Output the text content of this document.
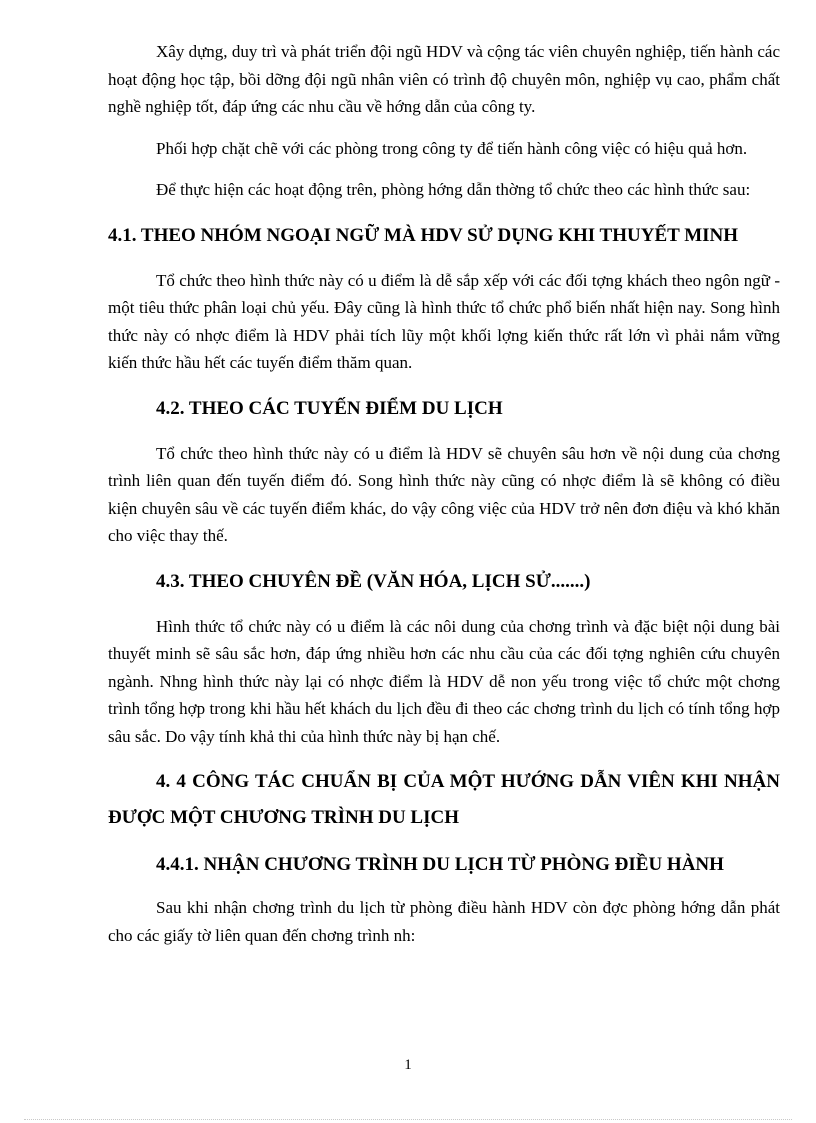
Xây dựng, duy trì và phát triển đội ngũ HDV và cộng tác viên chuyên nghiệp, tiến hành các hoạt động học tập, bồi dỡng đội ngũ nhân viên có trình độ chuyên môn, nghiệp vụ cao, phẩm chất nghề nghiệp tốt, đáp ứng các nhu cầu về hớng dẫn của công ty.

Phối hợp chặt chẽ với các phòng trong công ty để tiến hành công việc có hiệu quả hơn.

Để thực hiện các hoạt động trên, phòng hớng dẫn thờng tổ chức theo các hình thức sau:

4.1. THEO NHÓM NGOẠI NGỮ MÀ HDV SỬ DỤNG KHI THUYẾT MINH

Tổ chức theo hình thức này có u điểm là dễ sắp xếp với các đối tợng khách theo ngôn ngữ - một tiêu thức phân loại chủ yếu. Đây cũng là hình thức tổ chức phổ biến nhất hiện nay. Song hình thức này có nhợc điểm là HDV phải tích lũy một khối lợng kiến thức rất lớn vì phải nắm vững kiến thức hầu hết các tuyến điểm thăm quan.

4.2. THEO CÁC TUYẾN ĐIỂM DU LỊCH

Tổ chức theo hình thức này có u điểm là HDV sẽ chuyên sâu hơn về nội dung của chơng trình liên quan đến tuyến điểm đó. Song hình thức này cũng có nhợc điểm là sẽ không có điều kiện chuyên sâu về các tuyến điểm khác, do vậy công việc của HDV trở nên đơn điệu và khó khăn cho việc thay thế.

4.3. THEO CHUYÊN ĐỀ (VĂN HÓA, LỊCH SỬ.......)

Hình thức tổ chức này có u điểm là các nôi dung của chơng trình và đặc biệt nội dung bài thuyết minh sẽ sâu sắc hơn, đáp ứng nhiều hơn các nhu cầu của các đối tợng nghiên cứu chuyên ngành. Nhng hình thức này lại có nhợc điểm là HDV dễ non yếu trong việc tổ chức một chơng trình tổng hợp trong khi hầu hết khách du lịch đều đi theo các chơng trình du lịch có tính tổng hợp sâu sắc. Do vậy tính khả thi của hình thức này bị hạn chế.

4. 4 CÔNG TÁC CHUẨN BỊ CỦA MỘT HƯỚNG DẪN VIÊN KHI NHẬN ĐƯỢC MỘT CHƯƠNG TRÌNH DU LỊCH
4.4.1. NHẬN CHƯƠNG TRÌNH DU LỊCH TỪ PHÒNG ĐIỀU HÀNH

Sau khi nhận chơng trình du lịch từ phòng điều hành HDV còn đợc phòng hớng dẫn phát cho các giấy tờ liên quan đến chơng trình nh:

1
